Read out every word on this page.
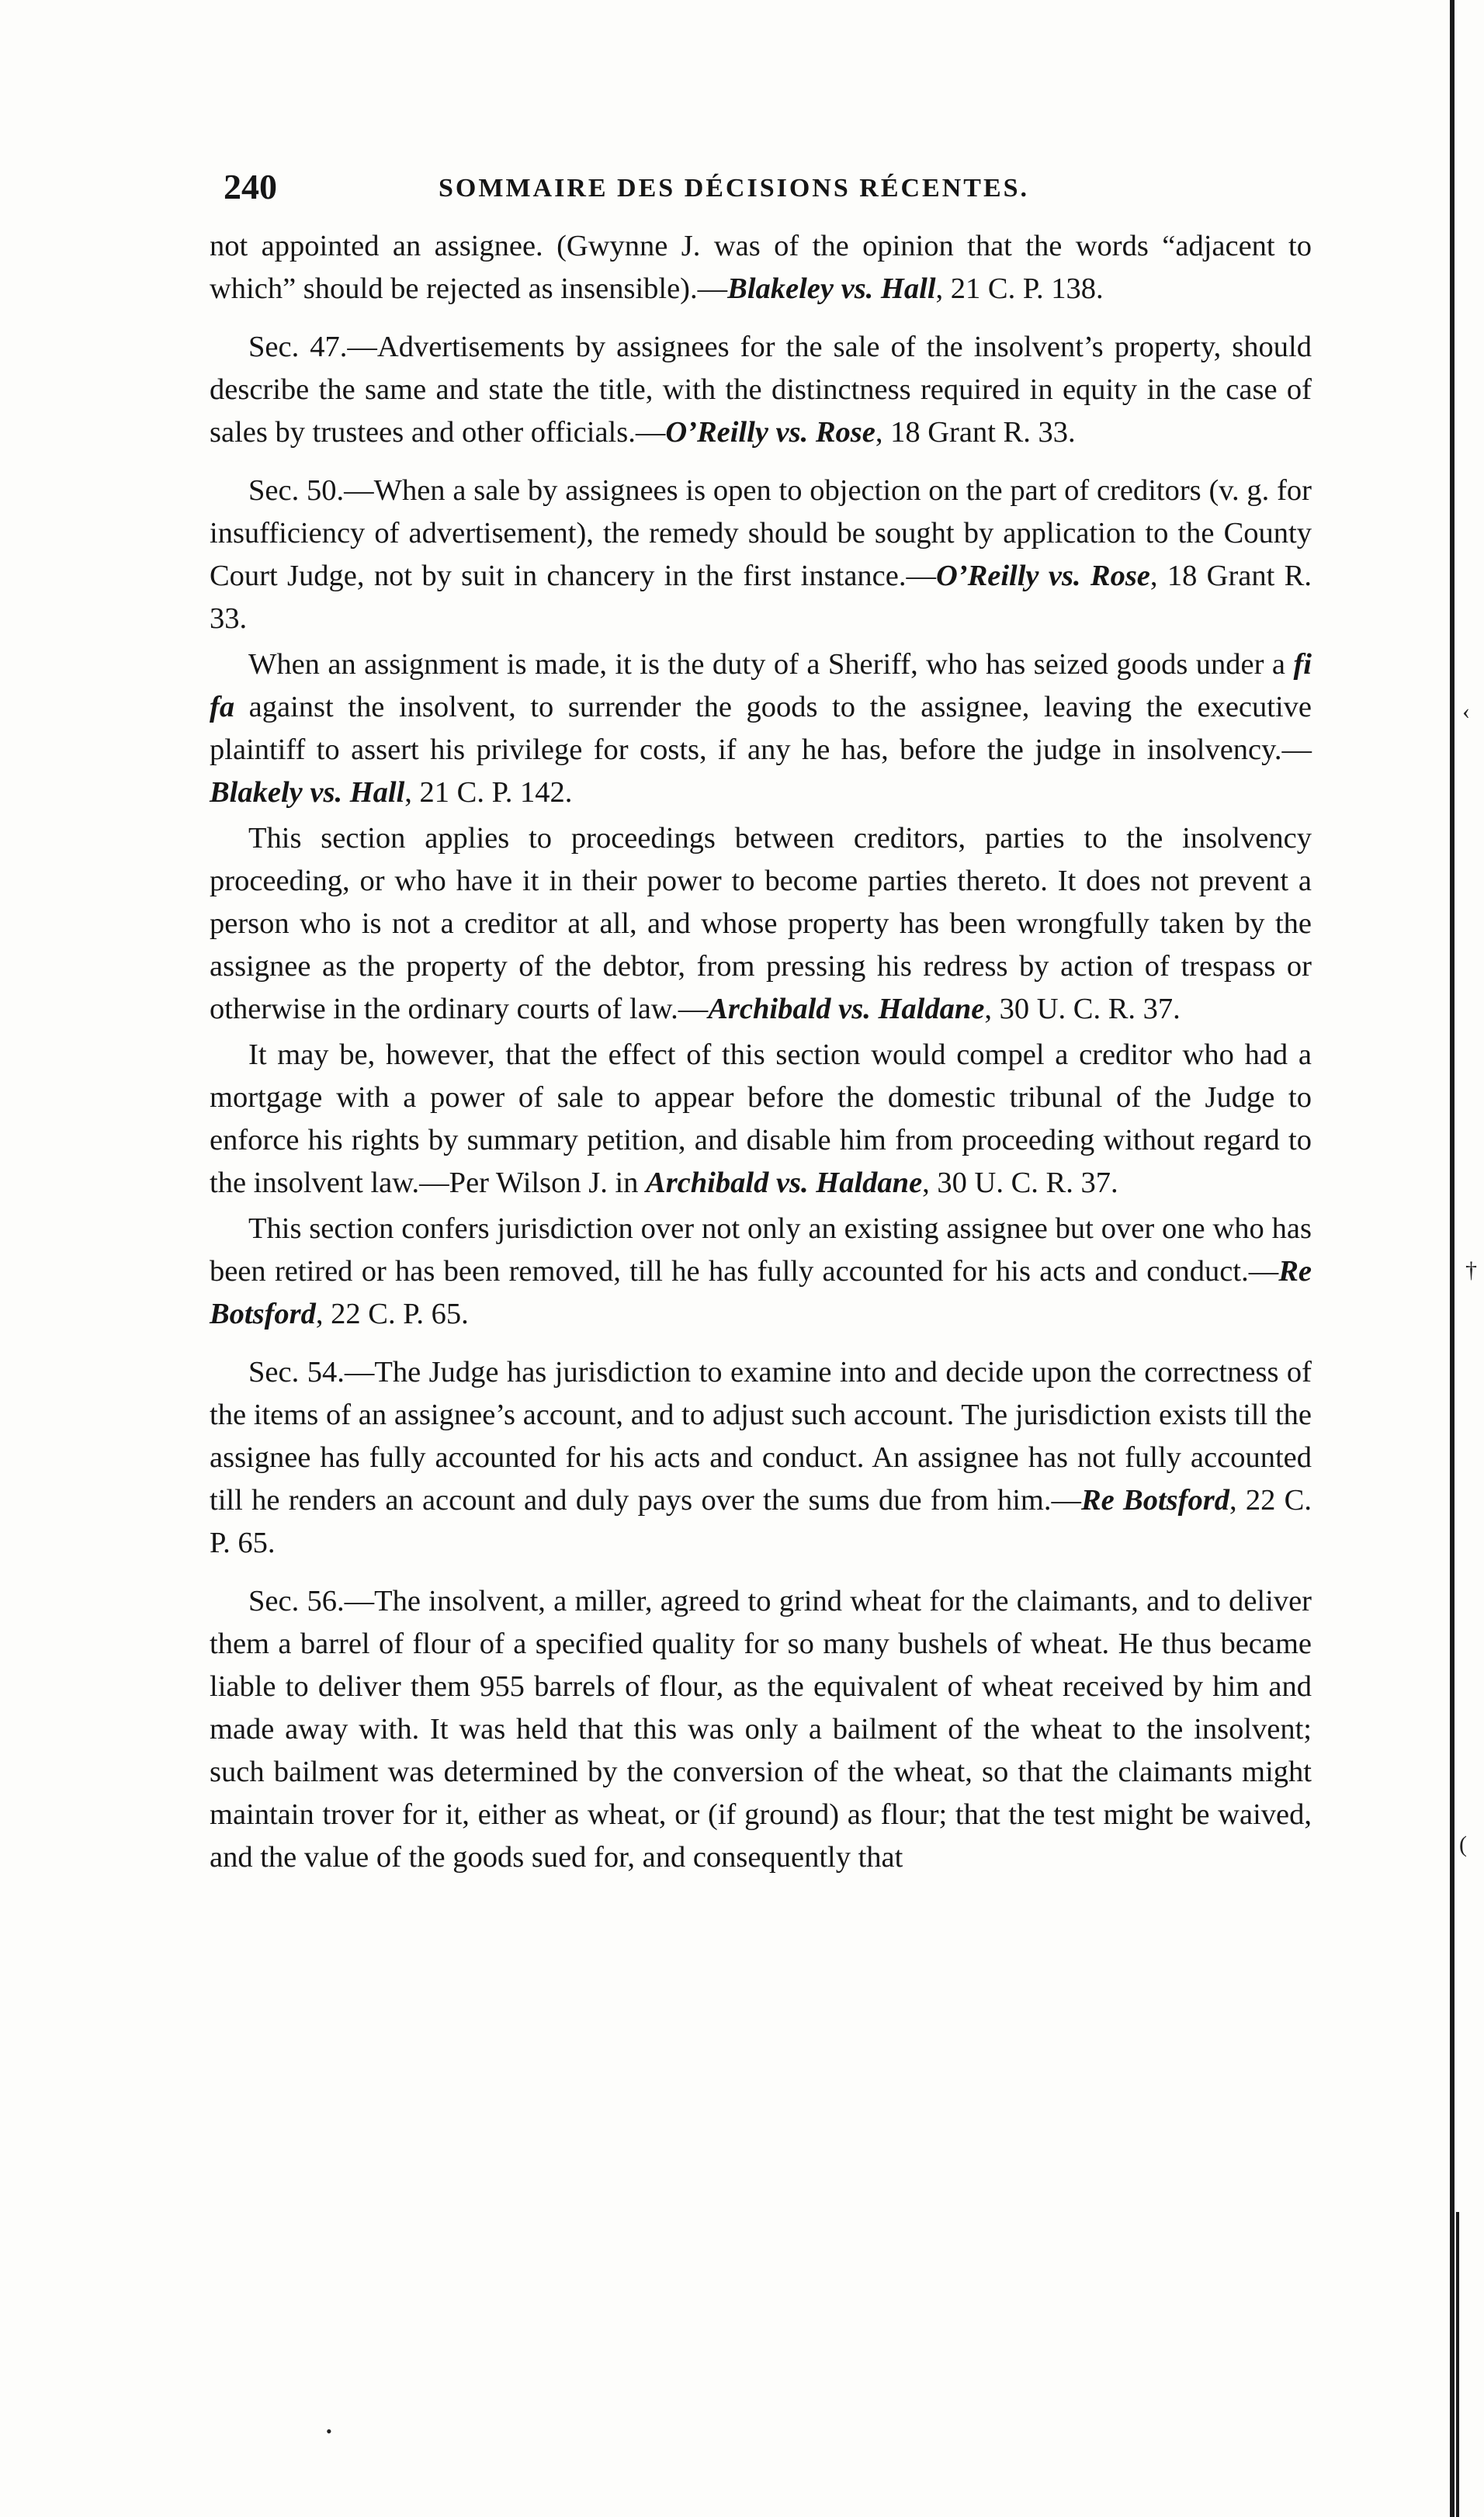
‹
†
(
240	SOMMAIRE DES DÉCISIONS RÉCENTES.

not appointed an assignee. (Gwynne J. was of the opinion that the words “adjacent to which” should be rejected as insensible).—Blakeley vs. Hall, 21 C. P. 138.

Sec. 47.—Advertisements by assignees for the sale of the insolvent’s property, should describe the same and state the title, with the distinctness required in equity in the case of sales by trustees and other officials.—O’Reilly vs. Rose, 18 Grant R. 33.

Sec. 50.—When a sale by assignees is open to objection on the part of creditors (v. g. for insufficiency of advertisement), the remedy should be sought by application to the County Court Judge, not by suit in chancery in the first instance.—O’Reilly vs. Rose, 18 Grant R. 33.

When an assignment is made, it is the duty of a Sheriff, who has seized goods under a fi fa against the insolvent, to surrender the goods to the assignee, leaving the executive plaintiff to assert his privilege for costs, if any he has, before the judge in insolvency.—Blakely vs. Hall, 21 C. P. 142.

This section applies to proceedings between creditors, parties to the insolvency proceeding, or who have it in their power to become parties thereto. It does not prevent a person who is not a creditor at all, and whose property has been wrongfully taken by the assignee as the property of the debtor, from pressing his redress by action of trespass or otherwise in the ordinary courts of law.—Archibald vs. Haldane, 30 U. C. R. 37.

It may be, however, that the effect of this section would compel a creditor who had a mortgage with a power of sale to appear before the domestic tribunal of the Judge to enforce his rights by summary petition, and disable him from proceeding without regard to the insolvent law.—Per Wilson J. in Archibald vs. Haldane, 30 U. C. R. 37.

This section confers jurisdiction over not only an existing assignee but over one who has been retired or has been removed, till he has fully accounted for his acts and conduct.—Re Botsford, 22 C. P. 65.

Sec. 54.—The Judge has jurisdiction to examine into and decide upon the correctness of the items of an assignee’s account, and to adjust such account. The jurisdiction exists till the assignee has fully accounted for his acts and conduct. An assignee has not fully accounted till he renders an account and duly pays over the sums due from him.—Re Botsford, 22 C. P. 65.

Sec. 56.—The insolvent, a miller, agreed to grind wheat for the claimants, and to deliver them a barrel of flour of a specified quality for so many bushels of wheat. He thus became liable to deliver them 955 barrels of flour, as the equivalent of wheat received by him and made away with. It was held that this was only a bailment of the wheat to the insolvent; such bailment was determined by the conversion of the wheat, so that the claimants might maintain trover for it, either as wheat, or (if ground) as flour; that the test might be waived, and the value of the goods sued for, and consequently that

•
